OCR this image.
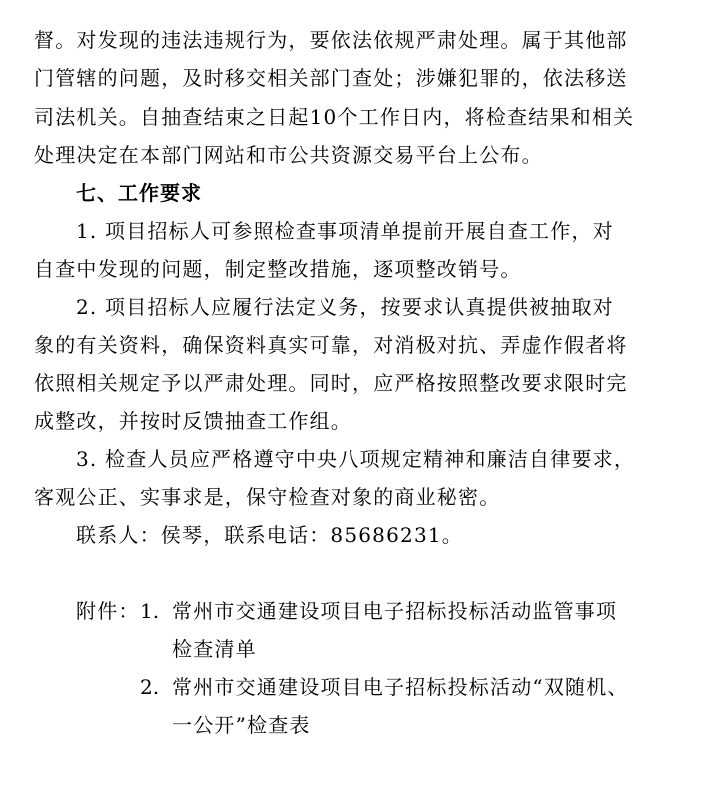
督。对发现的违法违规行为，要依法依规严肃处理。属于其他部
门管辖的问题，及时移交相关部门查处；涉嫌犯罪的，依法移送
司法机关。自抽查结束之日起10个工作日内，将检查结果和相关
处理决定在本部门网站和市公共资源交易平台上公布。
七、工作要求
1. 项目招标人可参照检查事项清单提前开展自查工作，对
自查中发现的问题，制定整改措施，逐项整改销号。
2. 项目招标人应履行法定义务，按要求认真提供被抽取对
象的有关资料，确保资料真实可靠，对消极对抗、弄虚作假者将
依照相关规定予以严肃处理。同时，应严格按照整改要求限时完
成整改，并按时反馈抽查工作组。
3. 检查人员应严格遵守中央八项规定精神和廉洁自律要求，
客观公正、实事求是，保守检查对象的商业秘密。
联系人：侯琴，联系电话：85686231。
附件： 1. 常州市交通建设项目电子招标投标活动监管事项
检查清单
2. 常州市交通建设项目电子招标投标活动“双随机、
一公开”检查表
